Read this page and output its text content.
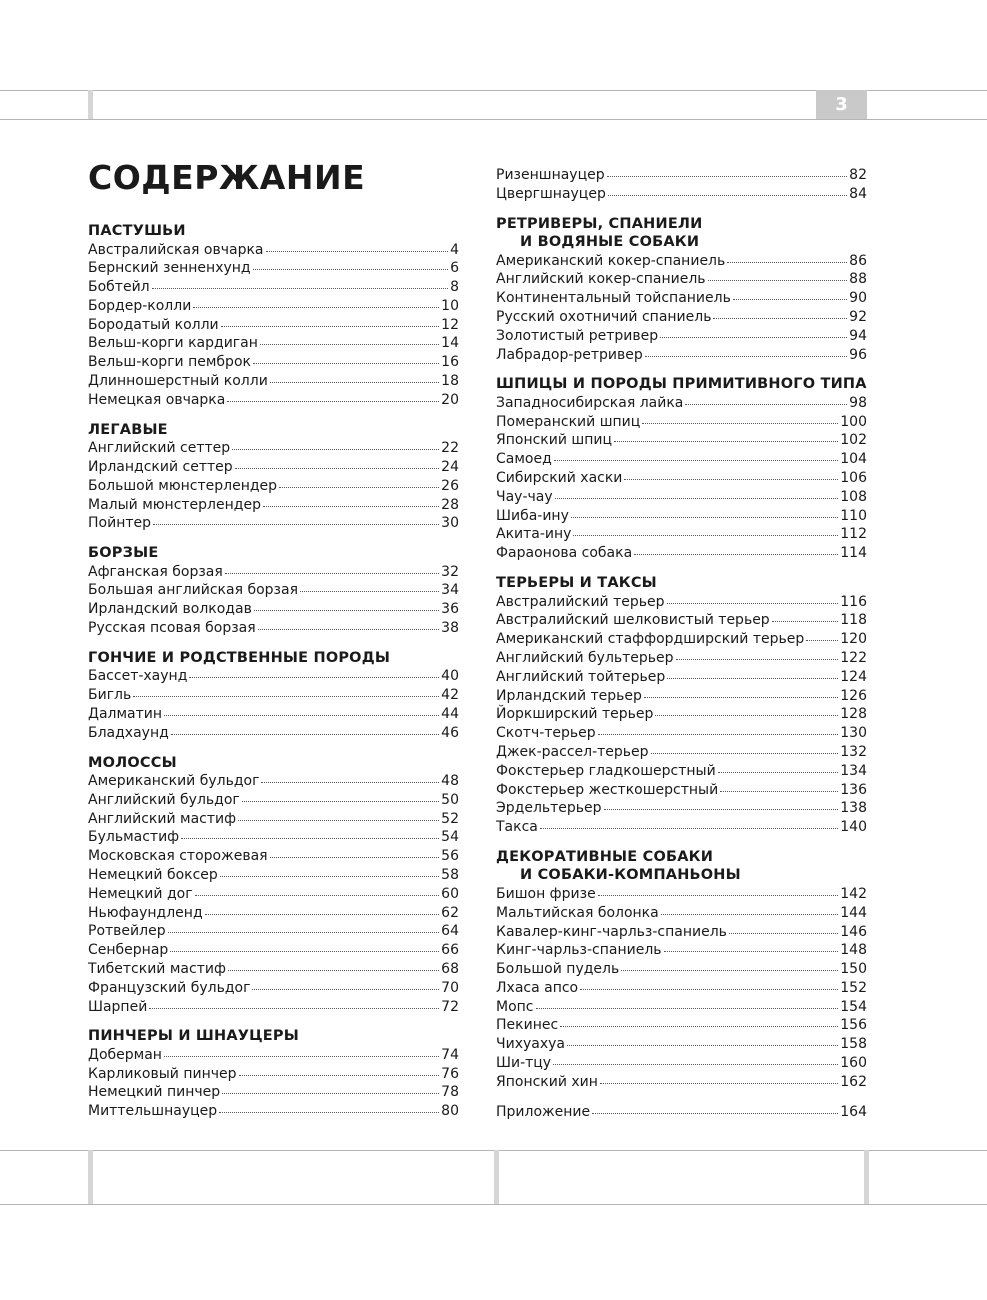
3
СОДЕРЖАНИЕ
ПАСТУШЬИ
Австралийская овчарка	4
Бернский зенненхунд	6
Бобтейл	8
Бордер-колли	10
Бородатый колли	12
Вельш-корги кардиган	14
Вельш-корги пемброк	16
Длинношерстный колли	18
Немецкая овчарка	20
ЛЕГАВЫЕ
Английский сеттер	22
Ирландский сеттер	24
Большой мюнстерлендер	26
Малый мюнстерлендер	28
Пойнтер	30
БОРЗЫЕ
Афганская борзая	32
Большая английская борзая	34
Ирландский волкодав	36
Русская псовая борзая	38
ГОНЧИЕ И РОДСТВЕННЫЕ ПОРОДЫ
Бассет-хаунд	40
Бигль	42
Далматин	44
Бладхаунд	46
МОЛОССЫ
Американский бульдог	48
Английский бульдог	50
Английский мастиф	52
Бульмастиф	54
Московская сторожевая	56
Немецкий боксер	58
Немецкий дог	60
Ньюфаундленд	62
Ротвейлер	64
Сенбернар	66
Тибетский мастиф	68
Французский бульдог	70
Шарпей	72
ПИНЧЕРЫ И ШНАУЦЕРЫ
Доберман	74
Карликовый пинчер	76
Немецкий пинчер	78
Миттельшнауцер	80
Ризеншнауцер	82
Цвергшнауцер	84
РЕТРИВЕРЫ, СПАНИЕЛИ
И ВОДЯНЫЕ СОБАКИ
Американский кокер-спаниель	86
Английский кокер-спаниель	88
Континентальный тойспаниель	90
Русский охотничий спаниель	92
Золотистый ретривер	94
Лабрадор-ретривер	96
ШПИЦЫ И ПОРОДЫ ПРИМИТИВНОГО ТИПА
Западносибирская лайка	98
Померанский шпиц	100
Японский шпиц	102
Самоед	104
Сибирский хаски	106
Чау-чау	108
Шиба-ину	110
Акита-ину	112
Фараонова собака	114
ТЕРЬЕРЫ И ТАКСЫ
Австралийский терьер	116
Австралийский шелковистый терьер	118
Американский стаффордширский терьер	120
Английский бультерьер	122
Английский тойтерьер	124
Ирландский терьер	126
Йоркширский терьер	128
Скотч-терьер	130
Джек-рассел-терьер	132
Фокстерьер гладкошерстный	134
Фокстерьер жесткошерстный	136
Эрдельтерьер	138
Такса	140
ДЕКОРАТИВНЫЕ СОБАКИ
И СОБАКИ-КОМПАНЬОНЫ
Бишон фризе	142
Мальтийская болонка	144
Кавалер-кинг-чарльз-спаниель	146
Кинг-чарльз-спаниель	148
Большой пудель	150
Лхаса апсо	152
Мопс	154
Пекинес	156
Чихуахуа	158
Ши-тцу	160
Японский хин	162
Приложение	164
